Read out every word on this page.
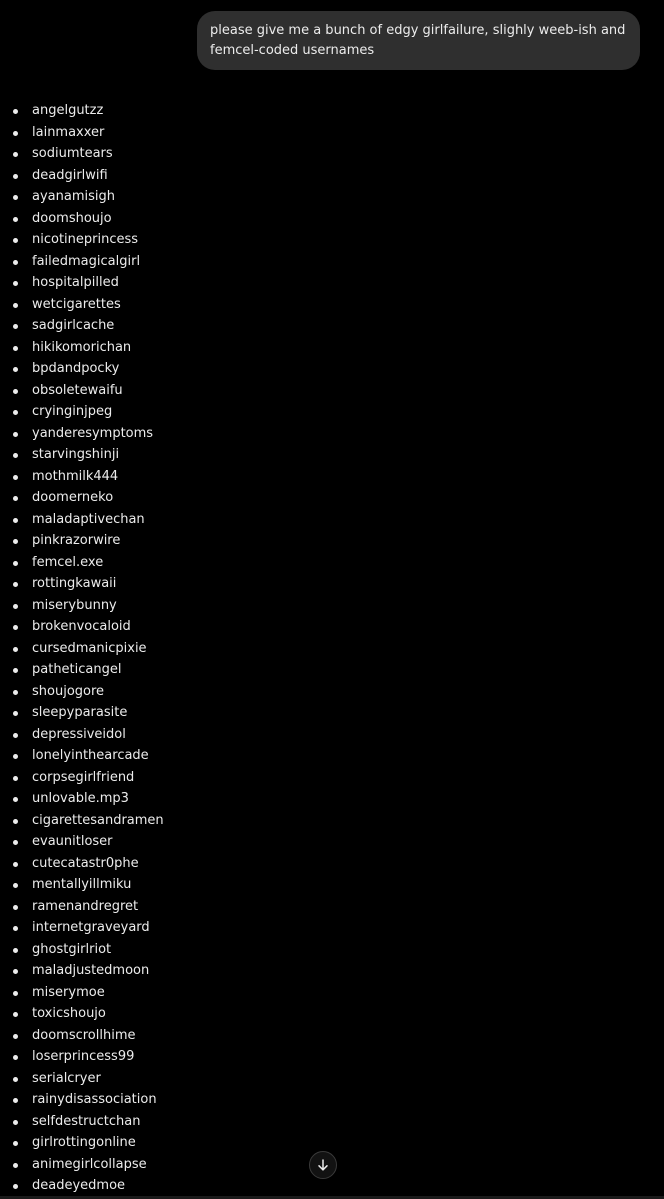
please give me a bunch of edgy girlfailure, slighly weeb-ish and femcel-coded usernames
angelgutzz
lainmaxxer
sodiumtears
deadgirlwifi
ayanamisigh
doomshoujo
nicotineprincess
failedmagicalgirl
hospitalpilled
wetcigarettes
sadgirlcache
hikikomorichan
bpdandpocky
obsoletewaifu
cryinginjpeg
yanderesymptoms
starvingshinji
mothmilk444
doomerneko
maladaptivechan
pinkrazorwire
femcel.exe
rottingkawaii
miserybunny
brokenvocaloid
cursedmanicpixie
patheticangel
shoujogore
sleepyparasite
depressiveidol
lonelyinthearcade
corpsegirlfriend
unlovable.mp3
cigarettesandramen
evaunitloser
cutecatastr0phe
mentallyillmiku
ramenandregret
internetgraveyard
ghostgirlriot
maladjustedmoon
miserymoe
toxicshoujo
doomscrollhime
loserprincess99
serialcryer
rainydisassociation
selfdestructchan
girlrottingonline
animegirlcollapse
deadeyedmoe
